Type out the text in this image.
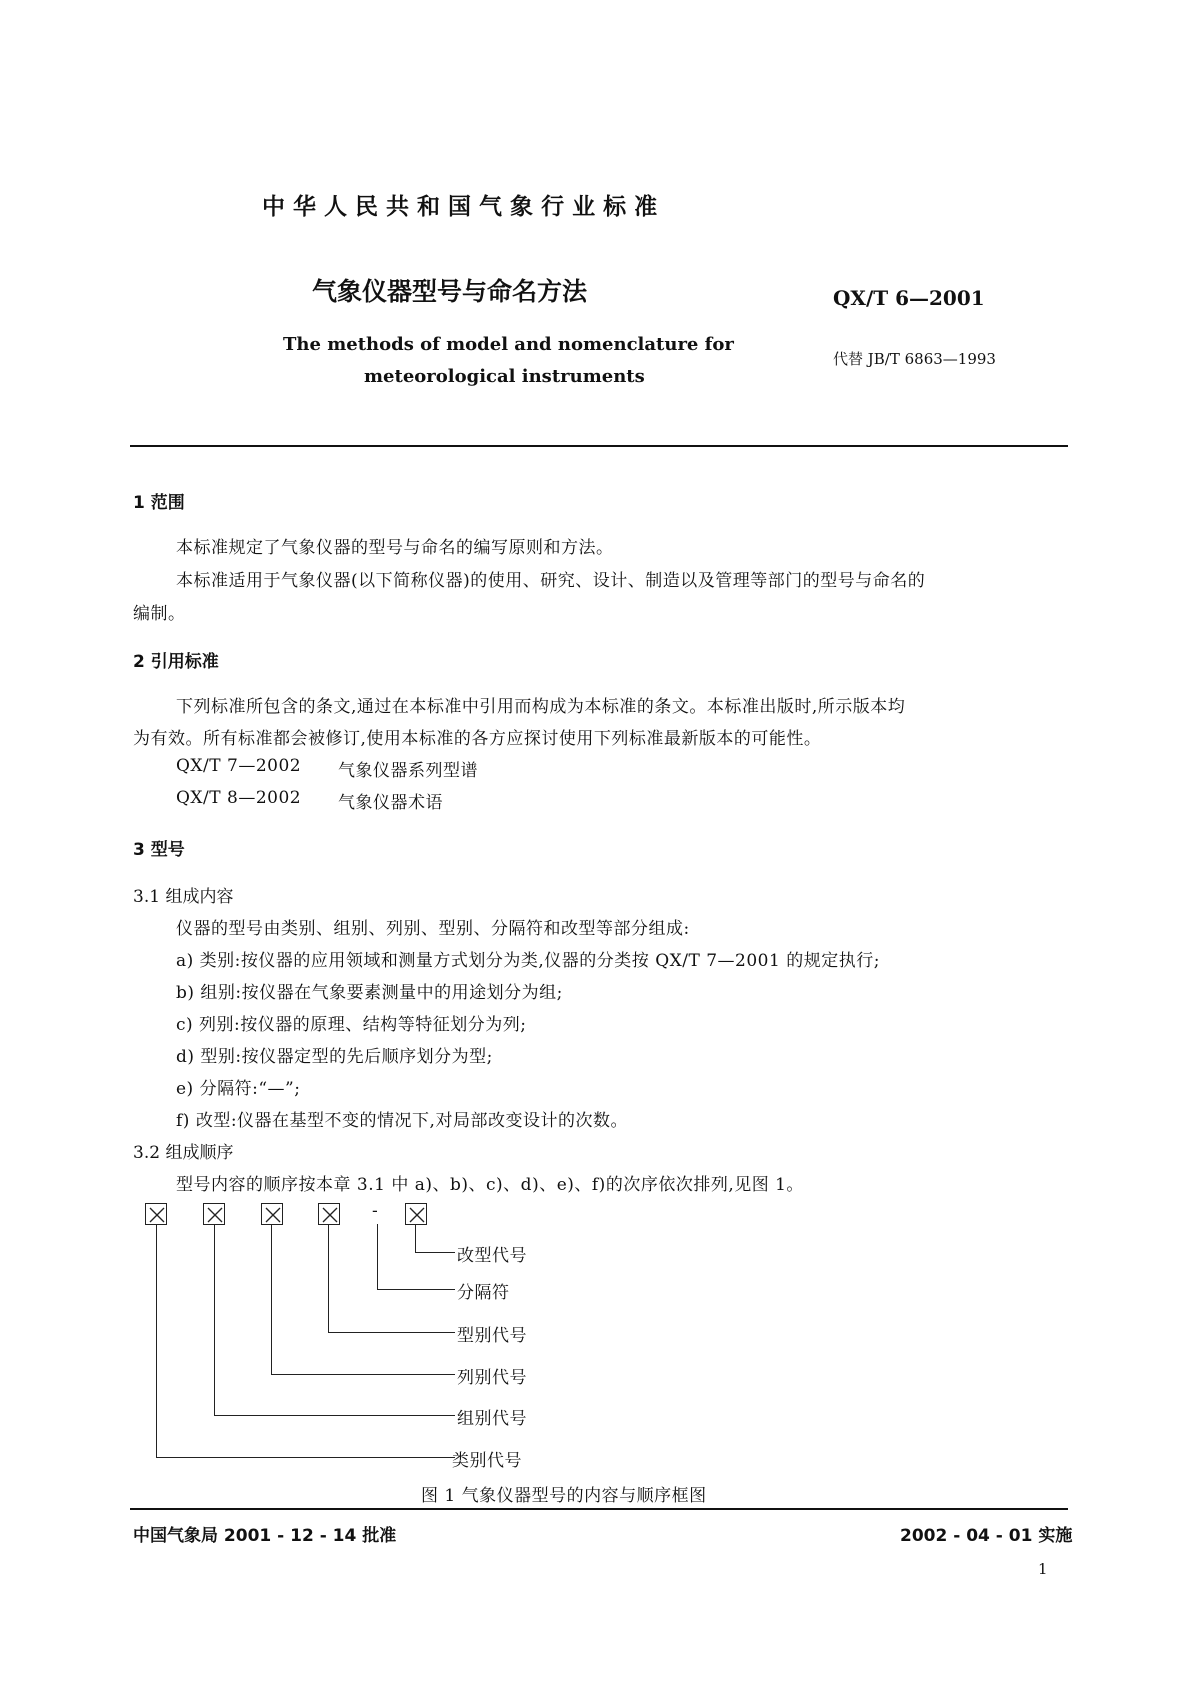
中 华 人 民 共 和 国 气 象 行 业 标 准
气象仪器型号与命名方法	QX/T 6—2001
The methods of model and nomenclature for
meteorological instruments
代替 JB/T 6863—1993
1 范围
本标准规定了气象仪器的型号与命名的编写原则和方法。
本标准适用于气象仪器(以下简称仪器)的使用、研究、设计、制造以及管理等部门的型号与命名的
编制。
2 引用标准
下列标准所包含的条文,通过在本标准中引用而构成为本标准的条文。本标准出版时,所示版本均
为有效。所有标准都会被修订,使用本标准的各方应探讨使用下列标准最新版本的可能性。
QX/T 7—2002 气象仪器系列型谱
QX/T 8—2002 气象仪器术语
3 型号
3.1 组成内容
仪器的型号由类别、组别、列别、型别、分隔符和改型等部分组成:
a) 类别:按仪器的应用领域和测量方式划分为类,仪器的分类按 QX/T 7—2001 的规定执行;
b) 组别:按仪器在气象要素测量中的用途划分为组;
c) 列别:按仪器的原理、结构等特征划分为列;
d) 型别:按仪器定型的先后顺序划分为型;
e) 分隔符:“—”;
f) 改型:仪器在基型不变的情况下,对局部改变设计的次数。
3.2 组成顺序
型号内容的顺序按本章 3.1 中 a)、b)、c)、d)、e)、f)的次序依次排列,见图 1。
-
改型代号
分隔符
型别代号
列别代号
组别代号
类别代号
图 1 气象仪器型号的内容与顺序框图
中国气象局 2001 - 12 - 14 批准	2002 - 04 - 01 实施
1
